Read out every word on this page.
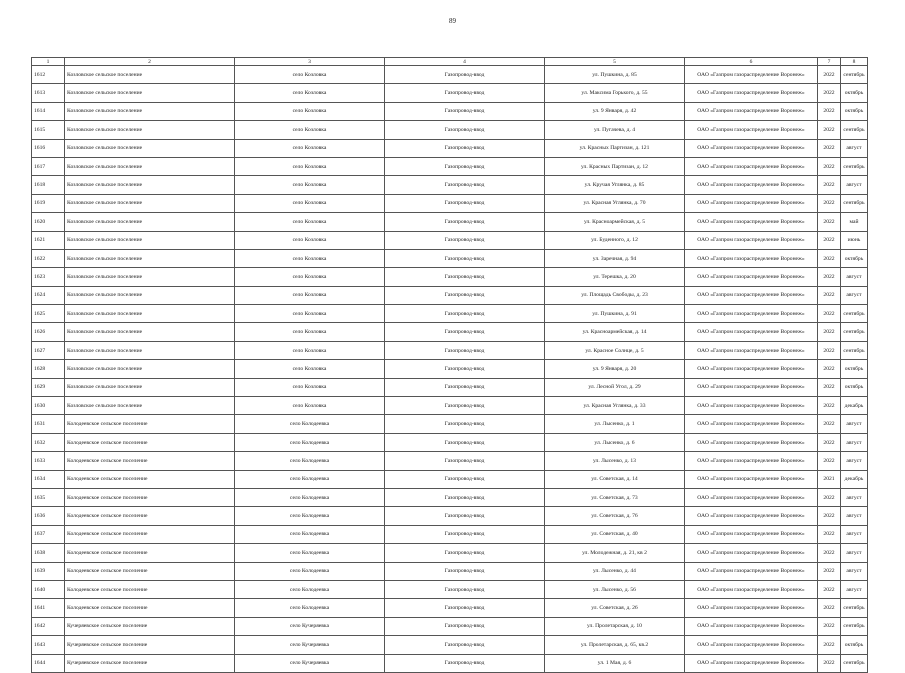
89
1	2	3	4	5	6	7	8
1612	Козловское сельское поселение	село Козловка	Газопровод-ввод	ул. Пушкина, д. 85	ОАО «Газпром газораспределение Воронеж»	2022	сентябрь
1613	Козловское сельское поселение	село Козловка	Газопровод-ввод	ул. Максима Горького, д. 55	ОАО «Газпром газораспределение Воронеж»	2022	октябрь
1614	Козловское сельское поселение	село Козловка	Газопровод-ввод	ул. 9 Января, д. 42	ОАО «Газпром газораспределение Воронеж»	2022	октябрь
1615	Козловское сельское поселение	село Козловка	Газопровод-ввод	ул. Пугачева, д. 4	ОАО «Газпром газораспределение Воронеж»	2022	сентябрь
1616	Козловское сельское поселение	село Козловка	Газопровод-ввод	ул. Красных Партизан, д. 121	ОАО «Газпром газораспределение Воронеж»	2022	август
1617	Козловское сельское поселение	село Козловка	Газопровод-ввод	ул. Красных Партизан, д. 12	ОАО «Газпром газораспределение Воронеж»	2022	сентябрь
1618	Козловское сельское поселение	село Козловка	Газопровод-ввод	ул. Кручая Углянка, д. 85	ОАО «Газпром газораспределение Воронеж»	2022	август
1619	Козловское сельское поселение	село Козловка	Газопровод-ввод	ул. Красная Углянка, д. 70	ОАО «Газпром газораспределение Воронеж»	2022	сентябрь
1620	Козловское сельское поселение	село Козловка	Газопровод-ввод	ул. Красноармейская, д. 5	ОАО «Газпром газораспределение Воронеж»	2022	май
1621	Козловское сельское поселение	село Козловка	Газопровод-ввод	ул. Буденного, д. 12	ОАО «Газпром газораспределение Воронеж»	2022	июнь
1622	Козловское сельское поселение	село Козловка	Газопровод-ввод	ул. Заречная, д. 94	ОАО «Газпром газораспределение Воронеж»	2022	октябрь
1623	Козловское сельское поселение	село Козловка	Газопровод-ввод	ул. Терешка, д. 20	ОАО «Газпром газораспределение Воронеж»	2022	август
1624	Козловское сельское поселение	село Козловка	Газопровод-ввод	ул. Площадь Свободы, д. 23	ОАО «Газпром газораспределение Воронеж»	2022	август
1625	Козловское сельское поселение	село Козловка	Газопровод-ввод	ул. Пушкина, д. 91	ОАО «Газпром газораспределение Воронеж»	2022	сентябрь
1626	Козловское сельское поселение	село Козловка	Газопровод-ввод	ул. Красноармейская, д. 14	ОАО «Газпром газораспределение Воронеж»	2022	сентябрь
1627	Козловское сельское поселение	село Козловка	Газопровод-ввод	ул. Красное Солнце, д. 5	ОАО «Газпром газораспределение Воронеж»	2022	сентябрь
1628	Козловское сельское поселение	село Козловка	Газопровод-ввод	ул. 9 Января, д. 20	ОАО «Газпром газораспределение Воронеж»	2022	октябрь
1629	Козловское сельское поселение	село Козловка	Газопровод-ввод	ул. Лесной Угол, д. 29	ОАО «Газпром газораспределение Воронеж»	2022	октябрь
1630	Козловское сельское поселение	село Козловка	Газопровод-ввод	ул. Красная Углянка, д. 33	ОАО «Газпром газораспределение Воронеж»	2022	декабрь
1631	Колодеевское сельское поселение	село Колодеевка	Газопровод-ввод	ул. Лысенко, д. 1	ОАО «Газпром газораспределение Воронеж»	2022	август
1632	Колодеевское сельское поселение	село Колодеевка	Газопровод-ввод	ул. Лысенко, д. 6	ОАО «Газпром газораспределение Воронеж»	2022	август
1633	Колодеевское сельское поселение	село Колодеевка	Газопровод-ввод	ул. Лысенко, д. 13	ОАО «Газпром газораспределение Воронеж»	2022	август
1634	Колодеевское сельское поселение	село Колодеевка	Газопровод-ввод	ул. Советская, д. 14	ОАО «Газпром газораспределение Воронеж»	2021	декабрь
1635	Колодеевское сельское поселение	село Колодеевка	Газопровод-ввод	ул. Советская, д. 73	ОАО «Газпром газораспределение Воронеж»	2022	август
1636	Колодеевское сельское поселение	село Колодеевка	Газопровод-ввод	ул. Советская, д. 76	ОАО «Газпром газораспределение Воронеж»	2022	август
1637	Колодеевское сельское поселение	село Колодеевка	Газопровод-ввод	ул. Советская, д. 40	ОАО «Газпром газораспределение Воронеж»	2022	август
1638	Колодеевское сельское поселение	село Колодеевка	Газопровод-ввод	ул. Молодежная, д. 21, кв 2	ОАО «Газпром газораспределение Воронеж»	2022	август
1639	Колодеевское сельское поселение	село Колодеевка	Газопровод-ввод	ул. Лысенко, д. 44	ОАО «Газпром газораспределение Воронеж»	2022	август
1640	Колодеевское сельское поселение	село Колодеевка	Газопровод-ввод	ул. Лысенко, д. 56	ОАО «Газпром газораспределение Воронеж»	2022	август
1641	Колодеевское сельское поселение	село Колодеевка	Газопровод-ввод	ул. Советская, д. 26	ОАО «Газпром газораспределение Воронеж»	2022	сентябрь
1642	Кучеряевское сельское поселение	село Кучеряевка	Газопровод-ввод	ул. Пролетарская, д. 10	ОАО «Газпром газораспределение Воронеж»	2022	сентябрь
1643	Кучеряевское сельское поселение	село Кучеряевка	Газопровод-ввод	ул. Пролетарская, д. 65, кв.2	ОАО «Газпром газораспределение Воронеж»	2022	октябрь
1644	Кучеряевское сельское поселение	село Кучеряевка	Газопровод-ввод	ул. 1 Мая, д. 6	ОАО «Газпром газораспределение Воронеж»	2022	сентябрь
